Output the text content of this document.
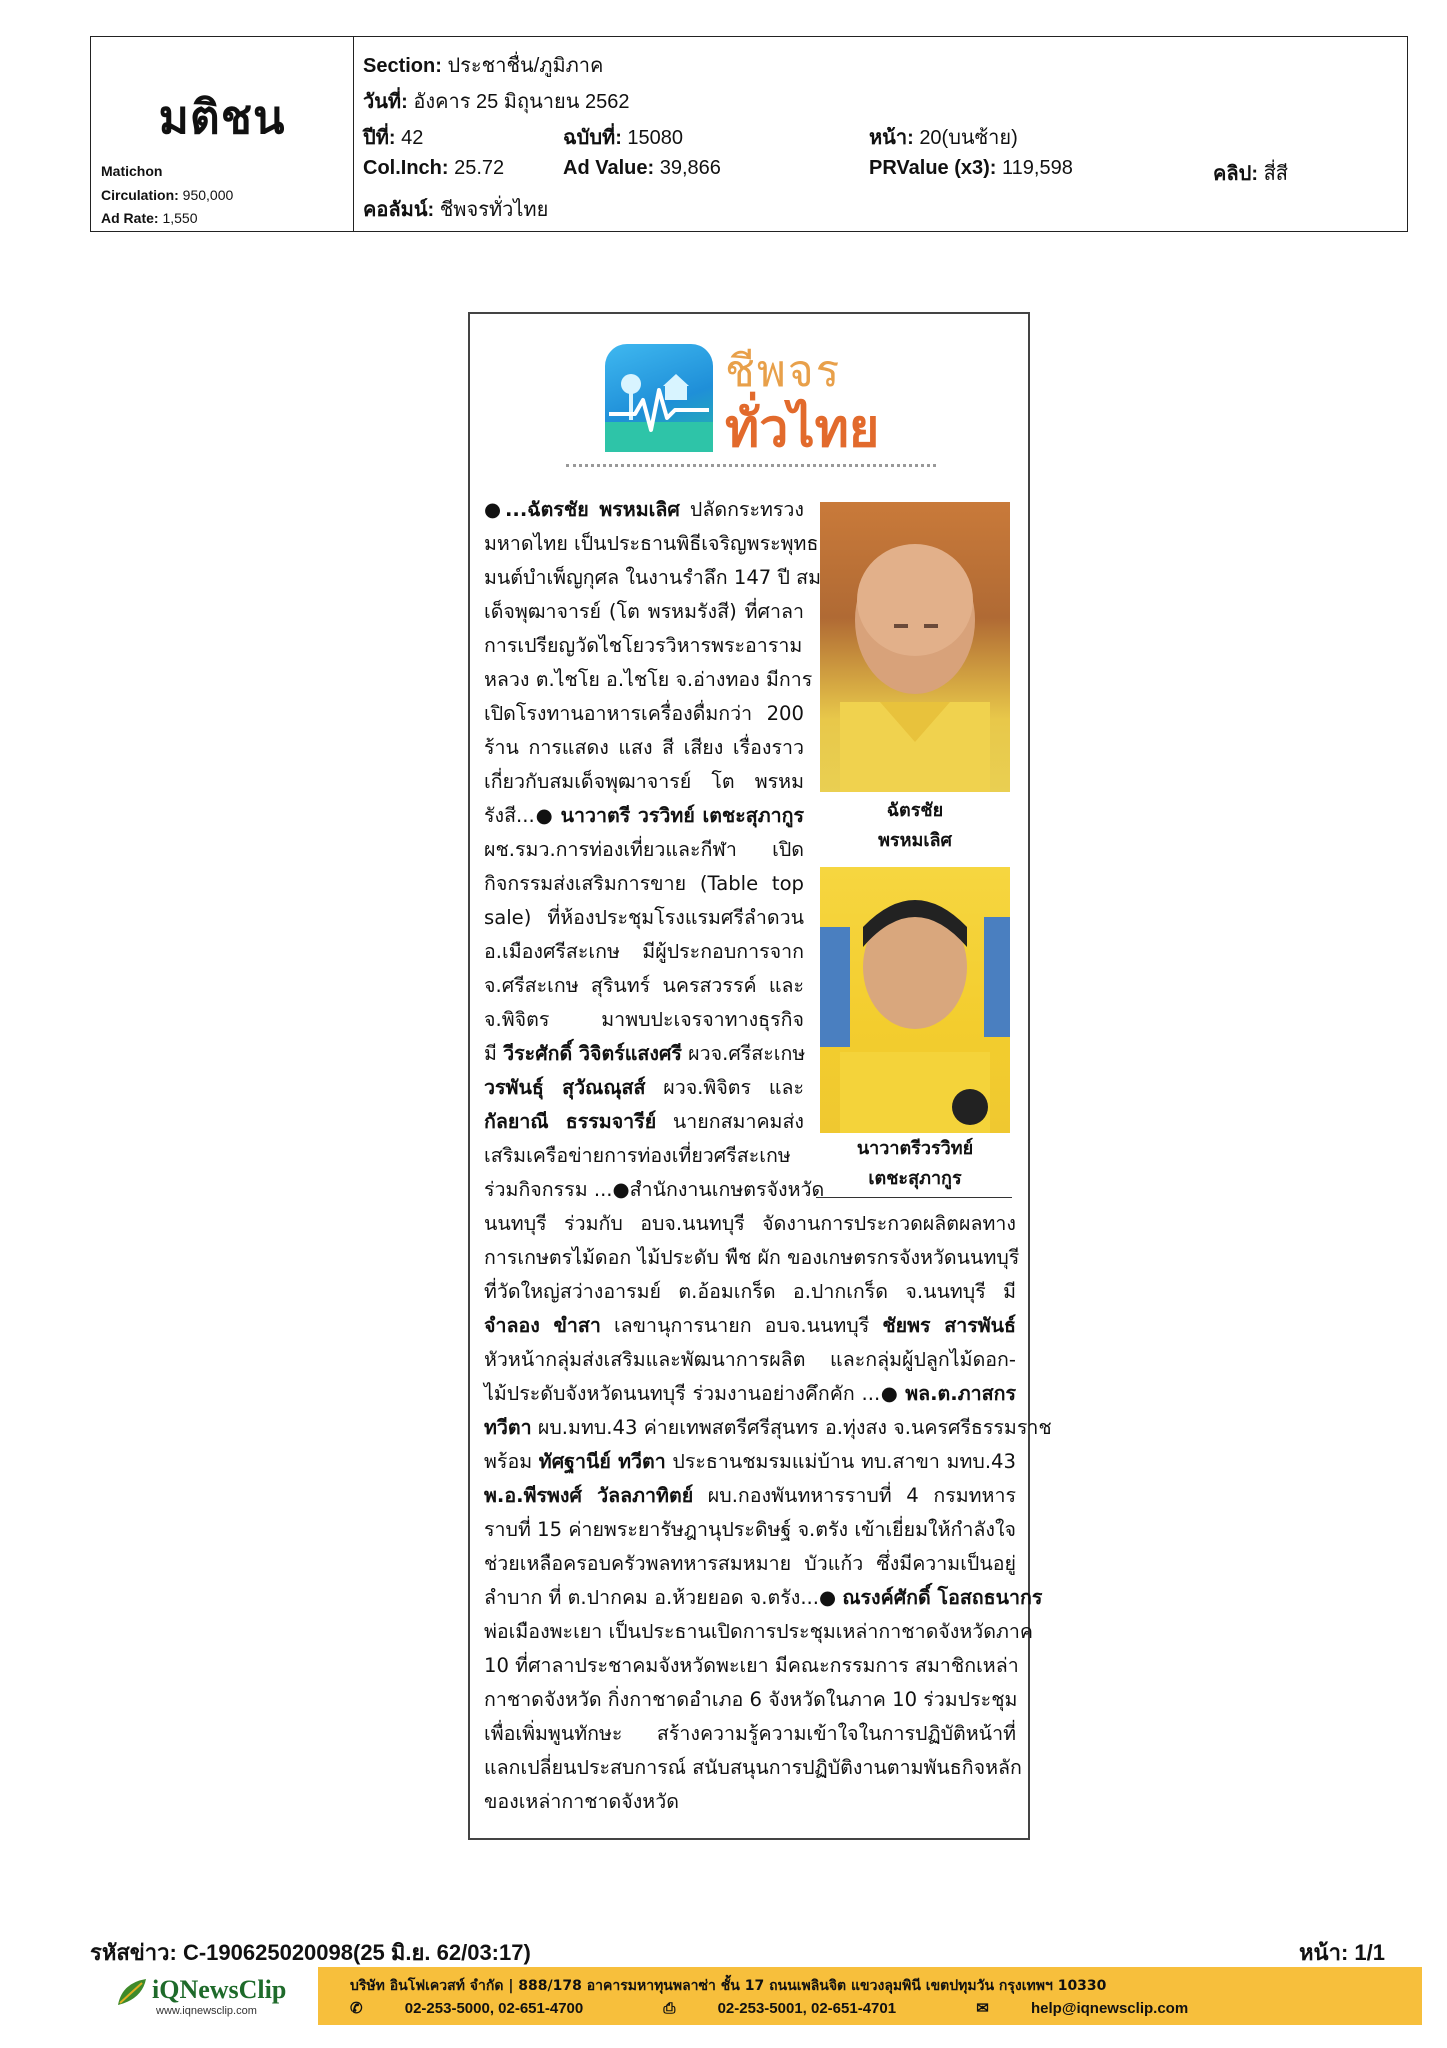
มติชน
Matichon
Circulation: 950,000
Ad Rate: 1,550
Section: ประชาชื่น/ภูมิภาค
วันที่: อังคาร 25 มิถุนายน 2562
ปีที่: 42	ฉบับที่: 15080	หน้า: 20(บนซ้าย)
Col.Inch: 25.72	Ad Value: 39,866	PRValue (x3): 119,598	คลิป: สี่สี
คอลัมน์: ชีพจรทั่วไทย
ชีพจร
ทั่วไทย
ฉัตรชัย
พรหมเลิศ
นาวาตรีวรวิทย์
เตชะสุภากูร
●...ฉัตรชัย พรหมเลิศ ปลัดกระทรวง
มหาดไทย เป็นประธานพิธีเจริญพระพุทธ
มนต์บำเพ็ญกุศล ในงานรำลึก 147 ปี สม
เด็จพุฒาจารย์ (โต พรหมรังสี) ที่ศาลา
การเปรียญวัดไชโยวรวิหารพระอาราม
หลวง ต.ไชโย อ.ไชโย จ.อ่างทอง มีการ
เปิดโรงทานอาหารเครื่องดื่มกว่า 200
ร้าน การแสดง แสง สี เสียง เรื่องราว
เกี่ยวกับสมเด็จพุฒาจารย์ โต พรหม
รังสี...● นาวาตรี วรวิทย์ เตชะสุภากูร
ผช.รมว.การท่องเที่ยวและกีฬา เปิด
กิจกรรมส่งเสริมการขาย (Table top
sale) ที่ห้องประชุมโรงแรมศรีลำดวน
อ.เมืองศรีสะเกษ มีผู้ประกอบการจาก
จ.ศรีสะเกษ สุรินทร์ นครสวรรค์ และ
จ.พิจิตร มาพบปะเจรจาทางธุรกิจ
มี วีระศักดิ์ วิจิตร์แสงศรี ผวจ.ศรีสะเกษ
วรพันธุ์ สุวัณณุสส์ ผวจ.พิจิตร และ
กัลยาณี ธรรมจารีย์ นายกสมาคมส่ง
เสริมเครือข่ายการท่องเที่ยวศรีสะเกษ
ร่วมกิจกรรม ...●สำนักงานเกษตรจังหวัด
นนทบุรี ร่วมกับ อบจ.นนทบุรี จัดงานการประกวดผลิตผลทาง
การเกษตรไม้ดอก ไม้ประดับ พืช ผัก ของเกษตรกรจังหวัดนนทบุรี
ที่วัดใหญ่สว่างอารมย์ ต.อ้อมเกร็ด อ.ปากเกร็ด จ.นนทบุรี มี
จำลอง ขำสา เลขานุการนายก อบจ.นนทบุรี ชัยพร สารพันธ์
หัวหน้ากลุ่มส่งเสริมและพัฒนาการผลิต และกลุ่มผู้ปลูกไม้ดอก-
ไม้ประดับจังหวัดนนทบุรี ร่วมงานอย่างคึกคัก ...● พล.ต.ภาสกร
ทวีตา ผบ.มทบ.43 ค่ายเทพสตรีศรีสุนทร อ.ทุ่งสง จ.นครศรีธรรมราช
พร้อม ทัศฐานีย์ ทวีตา ประธานชมรมแม่บ้าน ทบ.สาขา มทบ.43
พ.อ.พีรพงศ์ วัลลภาทิตย์ ผบ.กองพันทหารราบที่ 4 กรมทหาร
ราบที่ 15 ค่ายพระยารัษฎานุประดิษฐ์ จ.ตรัง เข้าเยี่ยมให้กำลังใจ
ช่วยเหลือครอบครัวพลทหารสมหมาย บัวแก้ว ซึ่งมีความเป็นอยู่
ลำบาก ที่ ต.ปากคม อ.ห้วยยอด จ.ตรัง...● ณรงค์ศักดิ์ โอสถธนากร
พ่อเมืองพะเยา เป็นประธานเปิดการประชุมเหล่ากาชาดจังหวัดภาค
10 ที่ศาลาประชาคมจังหวัดพะเยา มีคณะกรรมการ สมาชิกเหล่า
กาชาดจังหวัด กิ่งกาชาดอำเภอ 6 จังหวัดในภาค 10 ร่วมประชุม
เพื่อเพิ่มพูนทักษะ สร้างความรู้ความเข้าใจในการปฏิบัติหน้าที่
แลกเปลี่ยนประสบการณ์ สนับสนุนการปฏิบัติงานตามพันธกิจหลัก
ของเหล่ากาชาดจังหวัด
รหัสข่าว: C-190625020098(25 มิ.ย. 62/03:17)	หน้า: 1/1
iQNewsClip
www.iqnewsclip.com
บริษัท อินโฟเควสท์ จำกัด | 888/178 อาคารมหาทุนพลาซ่า ชั้น 17 ถนนเพลินจิต แขวงลุมพินี เขตปทุมวัน กรุงเทพฯ 10330
✆	02-253-5000, 02-651-4700	⎙	02-253-5001, 02-651-4701	✉	help@iqnewsclip.com
